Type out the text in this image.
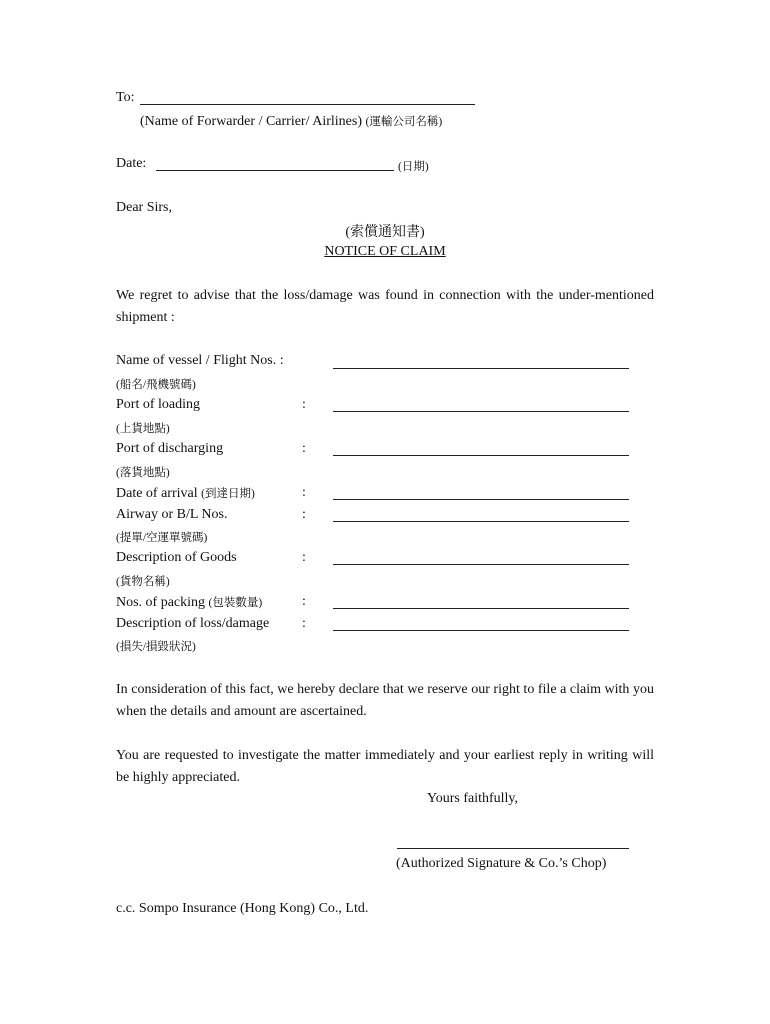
To:
(Name of Forwarder / Carrier/ Airlines) (運輸公司名稱)
Date:	(日期)
Dear Sirs,
(索償通知書)
NOTICE OF CLAIM
We regret to advise that the loss/damage was found in connection with the under-mentioned shipment :
Name of vessel / Flight Nos. :
(船名/飛機號碼)
Port of loading	:
(上貨地點)
Port of discharging	:
(落貨地點)
Date of arrival (到達日期)	:
Airway or B/L Nos.	:
(提單/空運單號碼)
Description of Goods	:
(貨物名稱)
Nos. of packing (包裝數量)	:
Description of loss/damage :
(損失/損毀狀況)
In consideration of this fact, we hereby declare that we reserve our right to file a claim with you when the details and amount are ascertained.
You are requested to investigate the matter immediately and your earliest reply in writing will be highly appreciated.
Yours faithfully,
(Authorized Signature & Co.’s Chop)
c.c. Sompo Insurance (Hong Kong) Co., Ltd.
